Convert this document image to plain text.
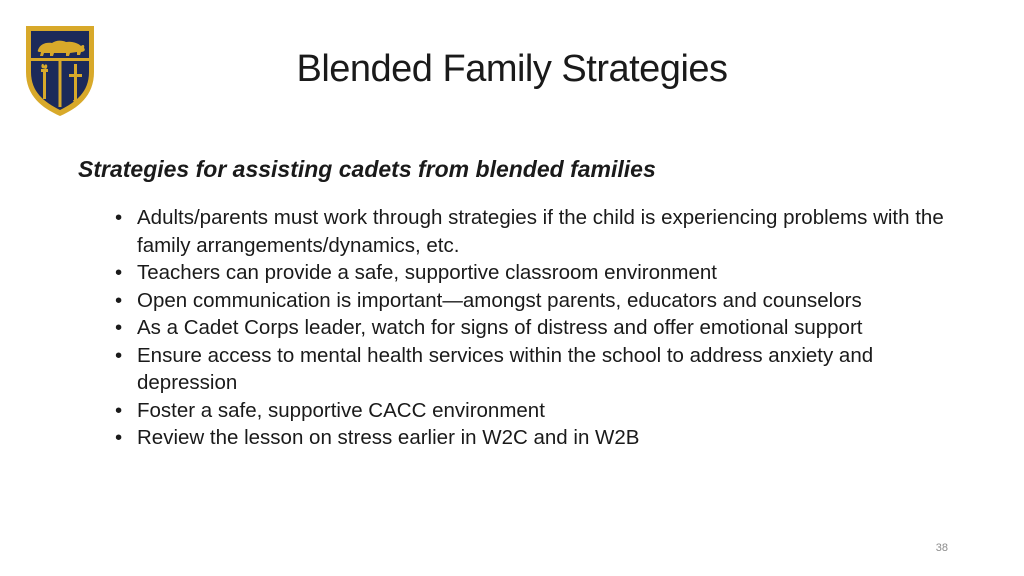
Blended Family Strategies
Strategies for assisting cadets from blended families
• Adults/parents must work through strategies if the child is experiencing problems with the family arrangements/dynamics, etc.
• Teachers can provide a safe, supportive classroom environment
• Open communication is important—amongst parents, educators and counselors
• As a Cadet Corps leader, watch for signs of distress and offer emotional support
• Ensure access to mental health services within the school to address anxiety and depression
• Foster a safe, supportive CACC environment
• Review the lesson on stress earlier in W2C and in W2B
38
